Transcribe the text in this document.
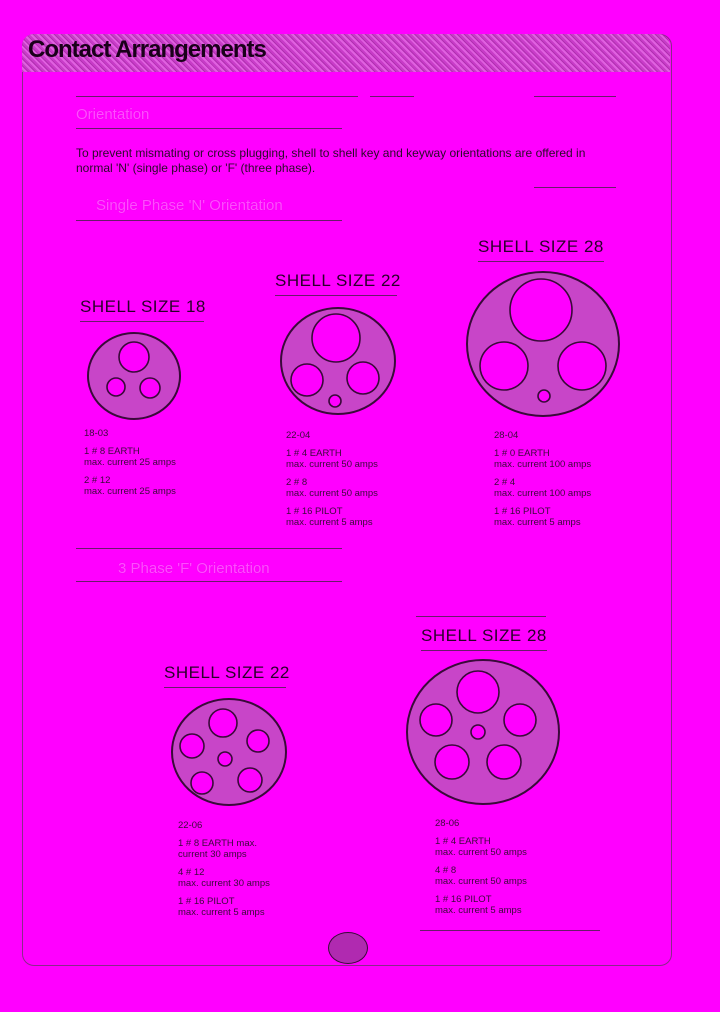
Contact Arrangements
Orientation
To prevent mismating or cross plugging, shell to shell key and keyway orientations are offered in normal 'N' (single phase) or 'F' (three phase).
Single Phase 'N' Orientation
SHELL SIZE 18
18-03
1 # 8 EARTH
max. current 25 amps
2 # 12
max. current 25 amps
SHELL SIZE 22
22-04
1 # 4 EARTH
max. current 50 amps
2 # 8
max. current 50 amps
1 # 16 PILOT
max. current 5 amps
SHELL SIZE 28
28-04
1 # 0 EARTH
max. current 100 amps
2 # 4
max. current 100 amps
1 # 16 PILOT
max. current 5 amps
3 Phase 'F' Orientation
SHELL SIZE 22
22-06
1 # 8 EARTH max.
current 30 amps
4 # 12
max. current 30 amps
1 # 16 PILOT
max. current 5 amps
SHELL SIZE 28
28-06
1 # 4 EARTH
max. current 50 amps
4 # 8
max. current 50 amps
1 # 16 PILOT
max. current 5 amps
